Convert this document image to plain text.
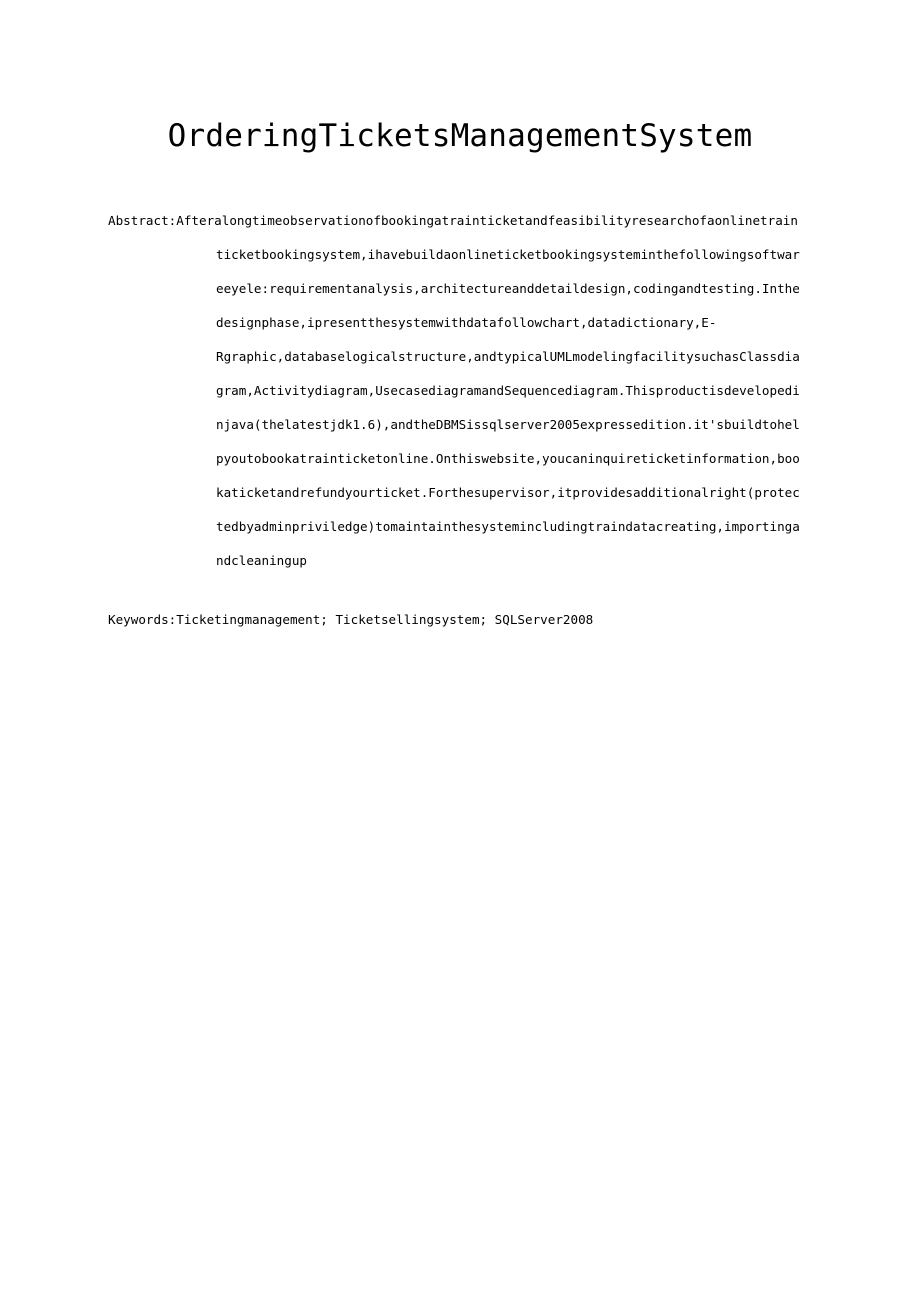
OrderingTicketsManagementSystem
Abstract:Afteralongtimeobservationofbookingatrainticketandfeasibilityresearchofaonlinetrain
ticketbookingsystem,ihavebuildaonlineticketbookingsysteminthefollowingsoftwar
eeyele:requirementanalysis,architectureanddetaildesign,codingandtesting.Inthe
designphase,ipresentthesystemwithdatafollowchart,datadictionary,E-
Rgraphic,databaselogicalstructure,andtypicalUMLmodelingfacilitysuchasClassdia
gram,Activitydiagram,UsecasediagramandSequencediagram.Thisproductisdevelopedi
njava(thelatestjdk1.6),andtheDBMSissqlserver2005expressedition.it'sbuildtohel
pyoutobookatrainticketonline.Onthiswebsite,youcaninquireticketinformation,boo
katicketandrefundyourticket.Forthesupervisor,itprovidesadditionalright(protec
tedbyadminpriviledge)tomaintainthesystemincludingtraindatacreating,importinga
ndcleaningup
Keywords:Ticketingmanagement; Ticketsellingsystem; SQLServer2008
